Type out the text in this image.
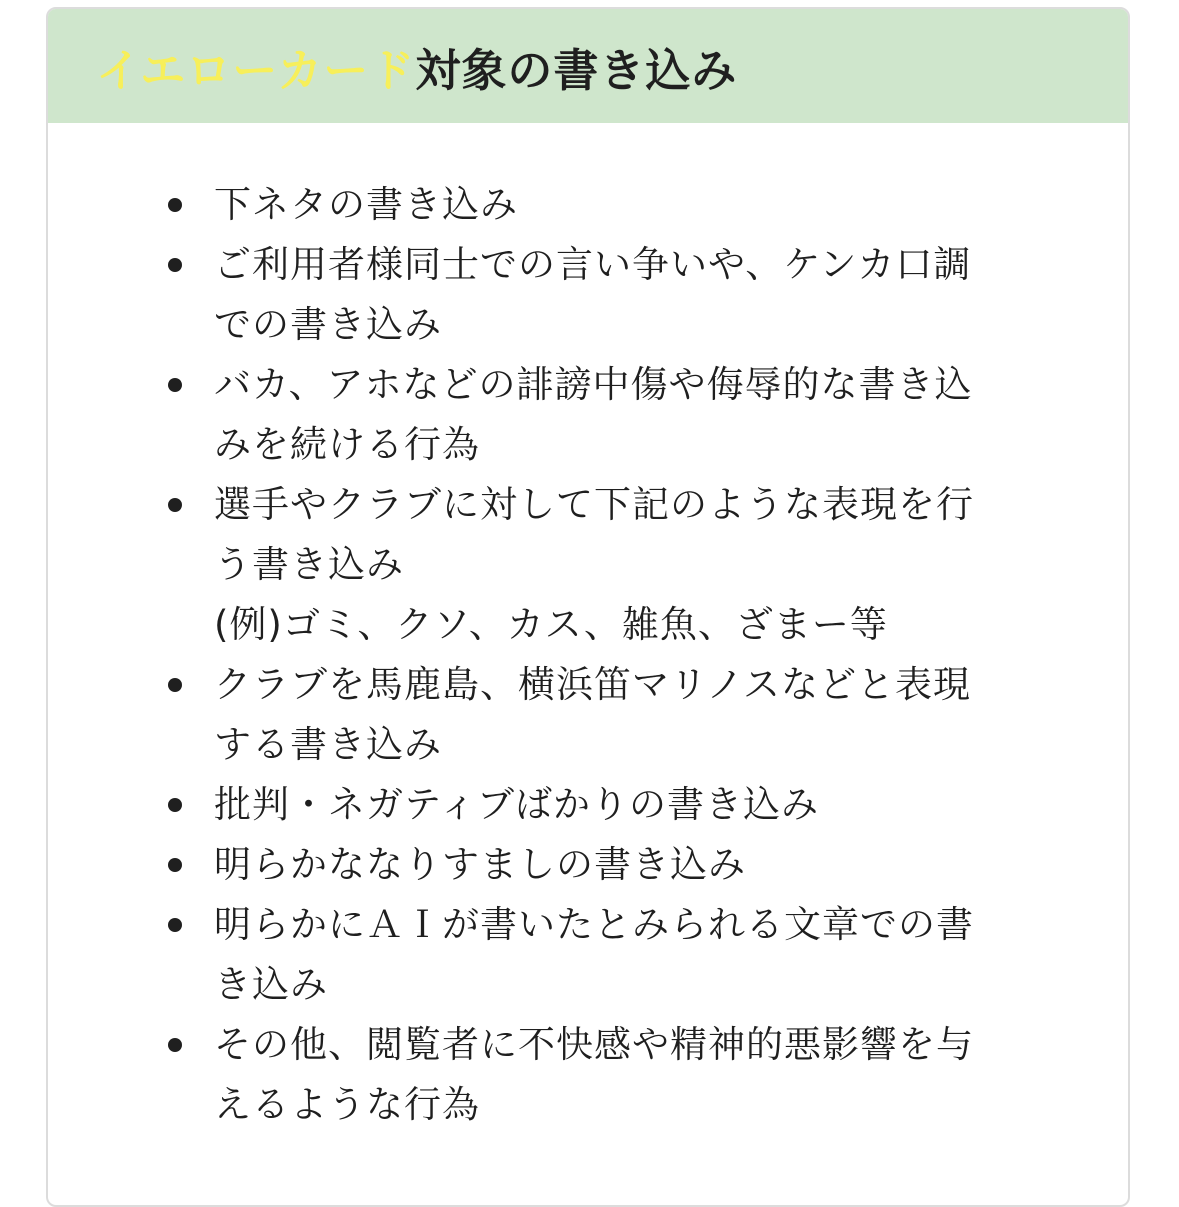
イエローカード対象の書き込み
下ネタの書き込み
ご利用者様同士での言い争いや、ケンカ口調
での書き込み
バカ、アホなどの誹謗中傷や侮辱的な書き込
みを続ける行為
選手やクラブに対して下記のような表現を行
う書き込み
(例)ゴミ、クソ、カス、雑魚、ざまー等
クラブを馬鹿島、横浜笛マリノスなどと表現
する書き込み
批判・ネガティブばかりの書き込み
明らかななりすましの書き込み
明らかにＡＩが書いたとみられる文章での書
き込み
その他、閲覧者に不快感や精神的悪影響を与
えるような行為
